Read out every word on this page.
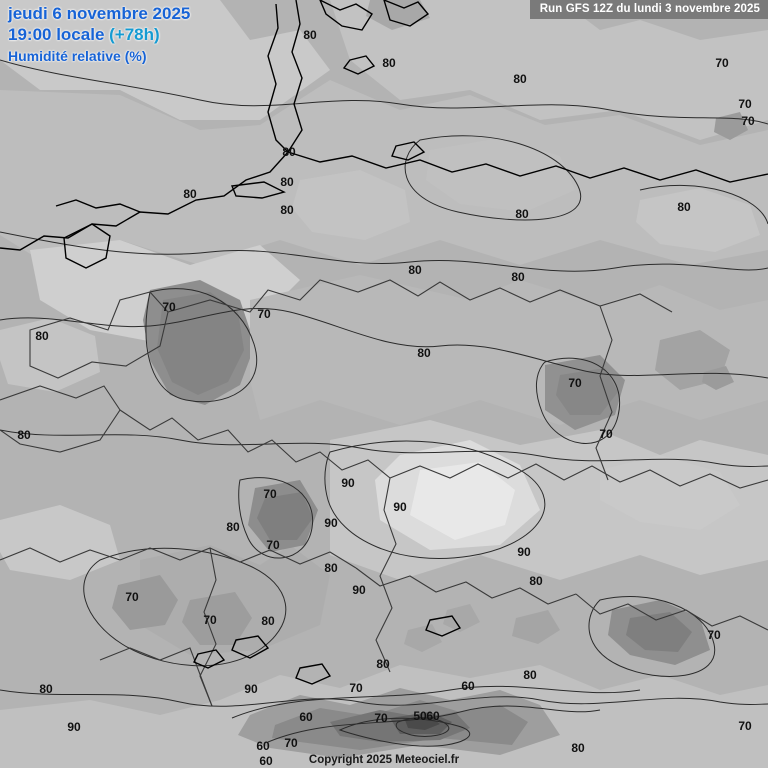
80
80
80
70
70
70
80
80
80
80	80	80
80	80
70	70
80
80
70
80	70
90
70
90
80	90
70	90
80
80
70	90
70	80
70
80
80
60
80	70
50 60
70
60
90
90	70
60 70
60
80
jeudi 6 novembre 2025
19:00 locale (+78h)
Humidité relative (%)
Run GFS 12Z du lundi 3 novembre 2025
Copyright 2025 Meteociel.fr
